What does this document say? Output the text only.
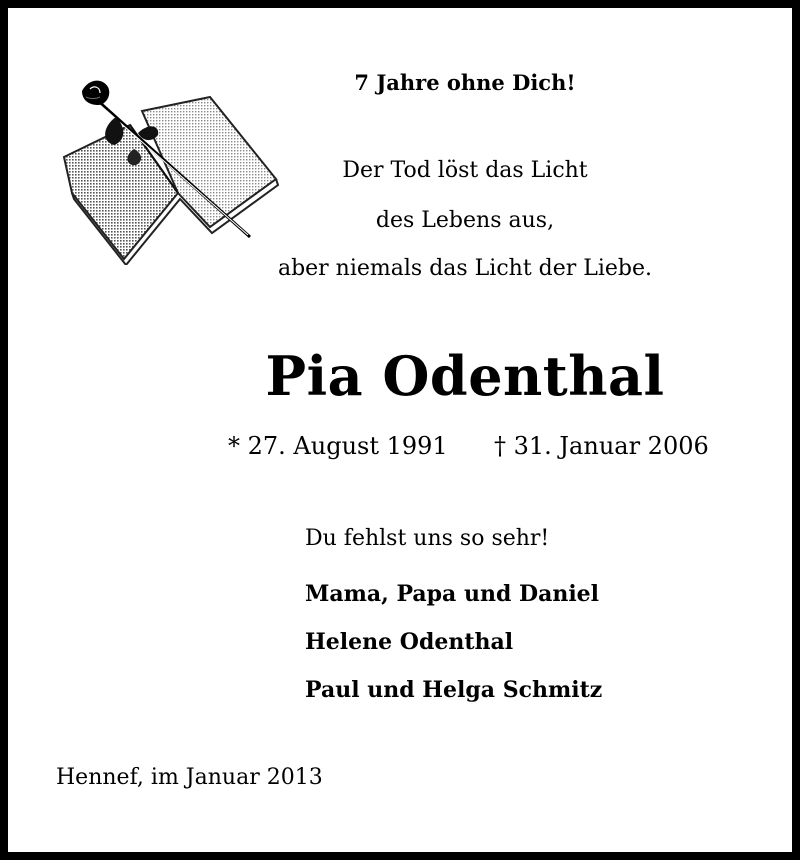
7 Jahre ohne Dich!
Der Tod löst das Licht
des Lebens aus,
aber niemals das Licht der Liebe.
Pia Odenthal
* 27. August 1991 † 31. Januar 2006
Du fehlst uns so sehr!
Mama, Papa und Daniel
Helene Odenthal
Paul und Helga Schmitz
Hennef, im Januar 2013
